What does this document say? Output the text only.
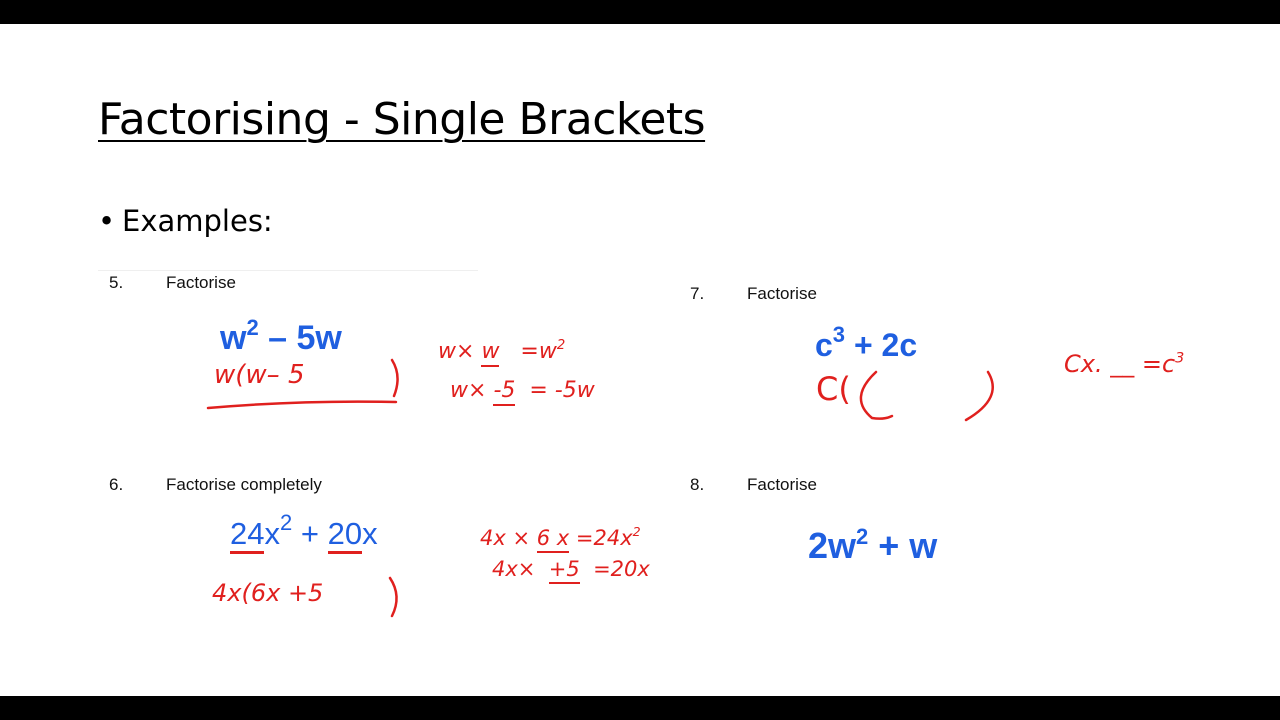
Factorising - Single Brackets
• Examples:
5.	Factorise
$w^2 - 5w$
w(w– 5
$w\times w =w^2$
w× -5 = -5w
6.	Factorise completely
$24x^2 + 20x$
4x(6x +5
4x × 6 $x =24x^2$
4x× +5 =20x
7.	Factorise
$c^3 + 2c$
C(
Cx. __ $=c^3$
8.	Factorise
$2w^2 + w$
